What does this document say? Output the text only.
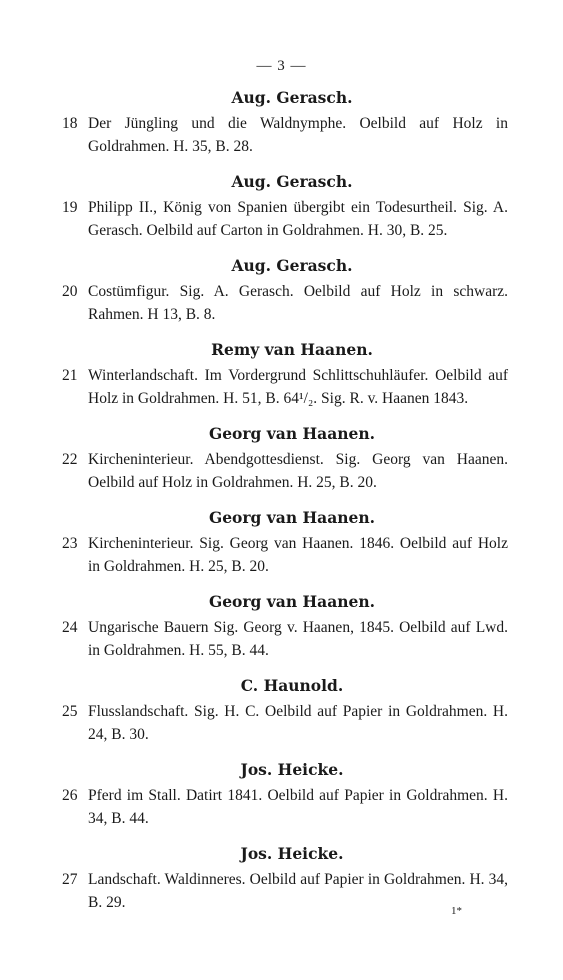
— 3 —
Aug. Gerasch.
18 Der Jüngling und die Waldnymphe. Oelbild auf Holz in Goldrahmen. H. 35, B. 28.
Aug. Gerasch.
19 Philipp II., König von Spanien übergibt ein Todesurtheil. Sig. A. Gerasch. Oelbild auf Carton in Goldrahmen. H. 30, B. 25.
Aug. Gerasch.
20 Costümfigur. Sig. A. Gerasch. Oelbild auf Holz in schwarz. Rahmen. H 13, B. 8.
Remy van Haanen.
21 Winterlandschaft. Im Vordergrund Schlittschuhläufer. Oelbild auf Holz in Goldrahmen. H. 51, B. 64¹/₂. Sig. R. v. Haanen 1843.
Georg van Haanen.
22 Kircheninterieur. Abendgottesdienst. Sig. Georg van Haanen. Oelbild auf Holz in Goldrahmen. H. 25, B. 20.
Georg van Haanen.
23 Kircheninterieur. Sig. Georg van Haanen. 1846. Oelbild auf Holz in Goldrahmen. H. 25, B. 20.
Georg van Haanen.
24 Ungarische Bauern Sig. Georg v. Haanen, 1845. Oelbild auf Lwd. in Goldrahmen. H. 55, B. 44.
C. Haunold.
25 Flusslandschaft. Sig. H. C. Oelbild auf Papier in Goldrahmen. H. 24, B. 30.
Jos. Heicke.
26 Pferd im Stall. Datirt 1841. Oelbild auf Papier in Goldrahmen. H. 34, B. 44.
Jos. Heicke.
27 Landschaft. Waldinneres. Oelbild auf Papier in Goldrahmen. H. 34, B. 29.
1*
